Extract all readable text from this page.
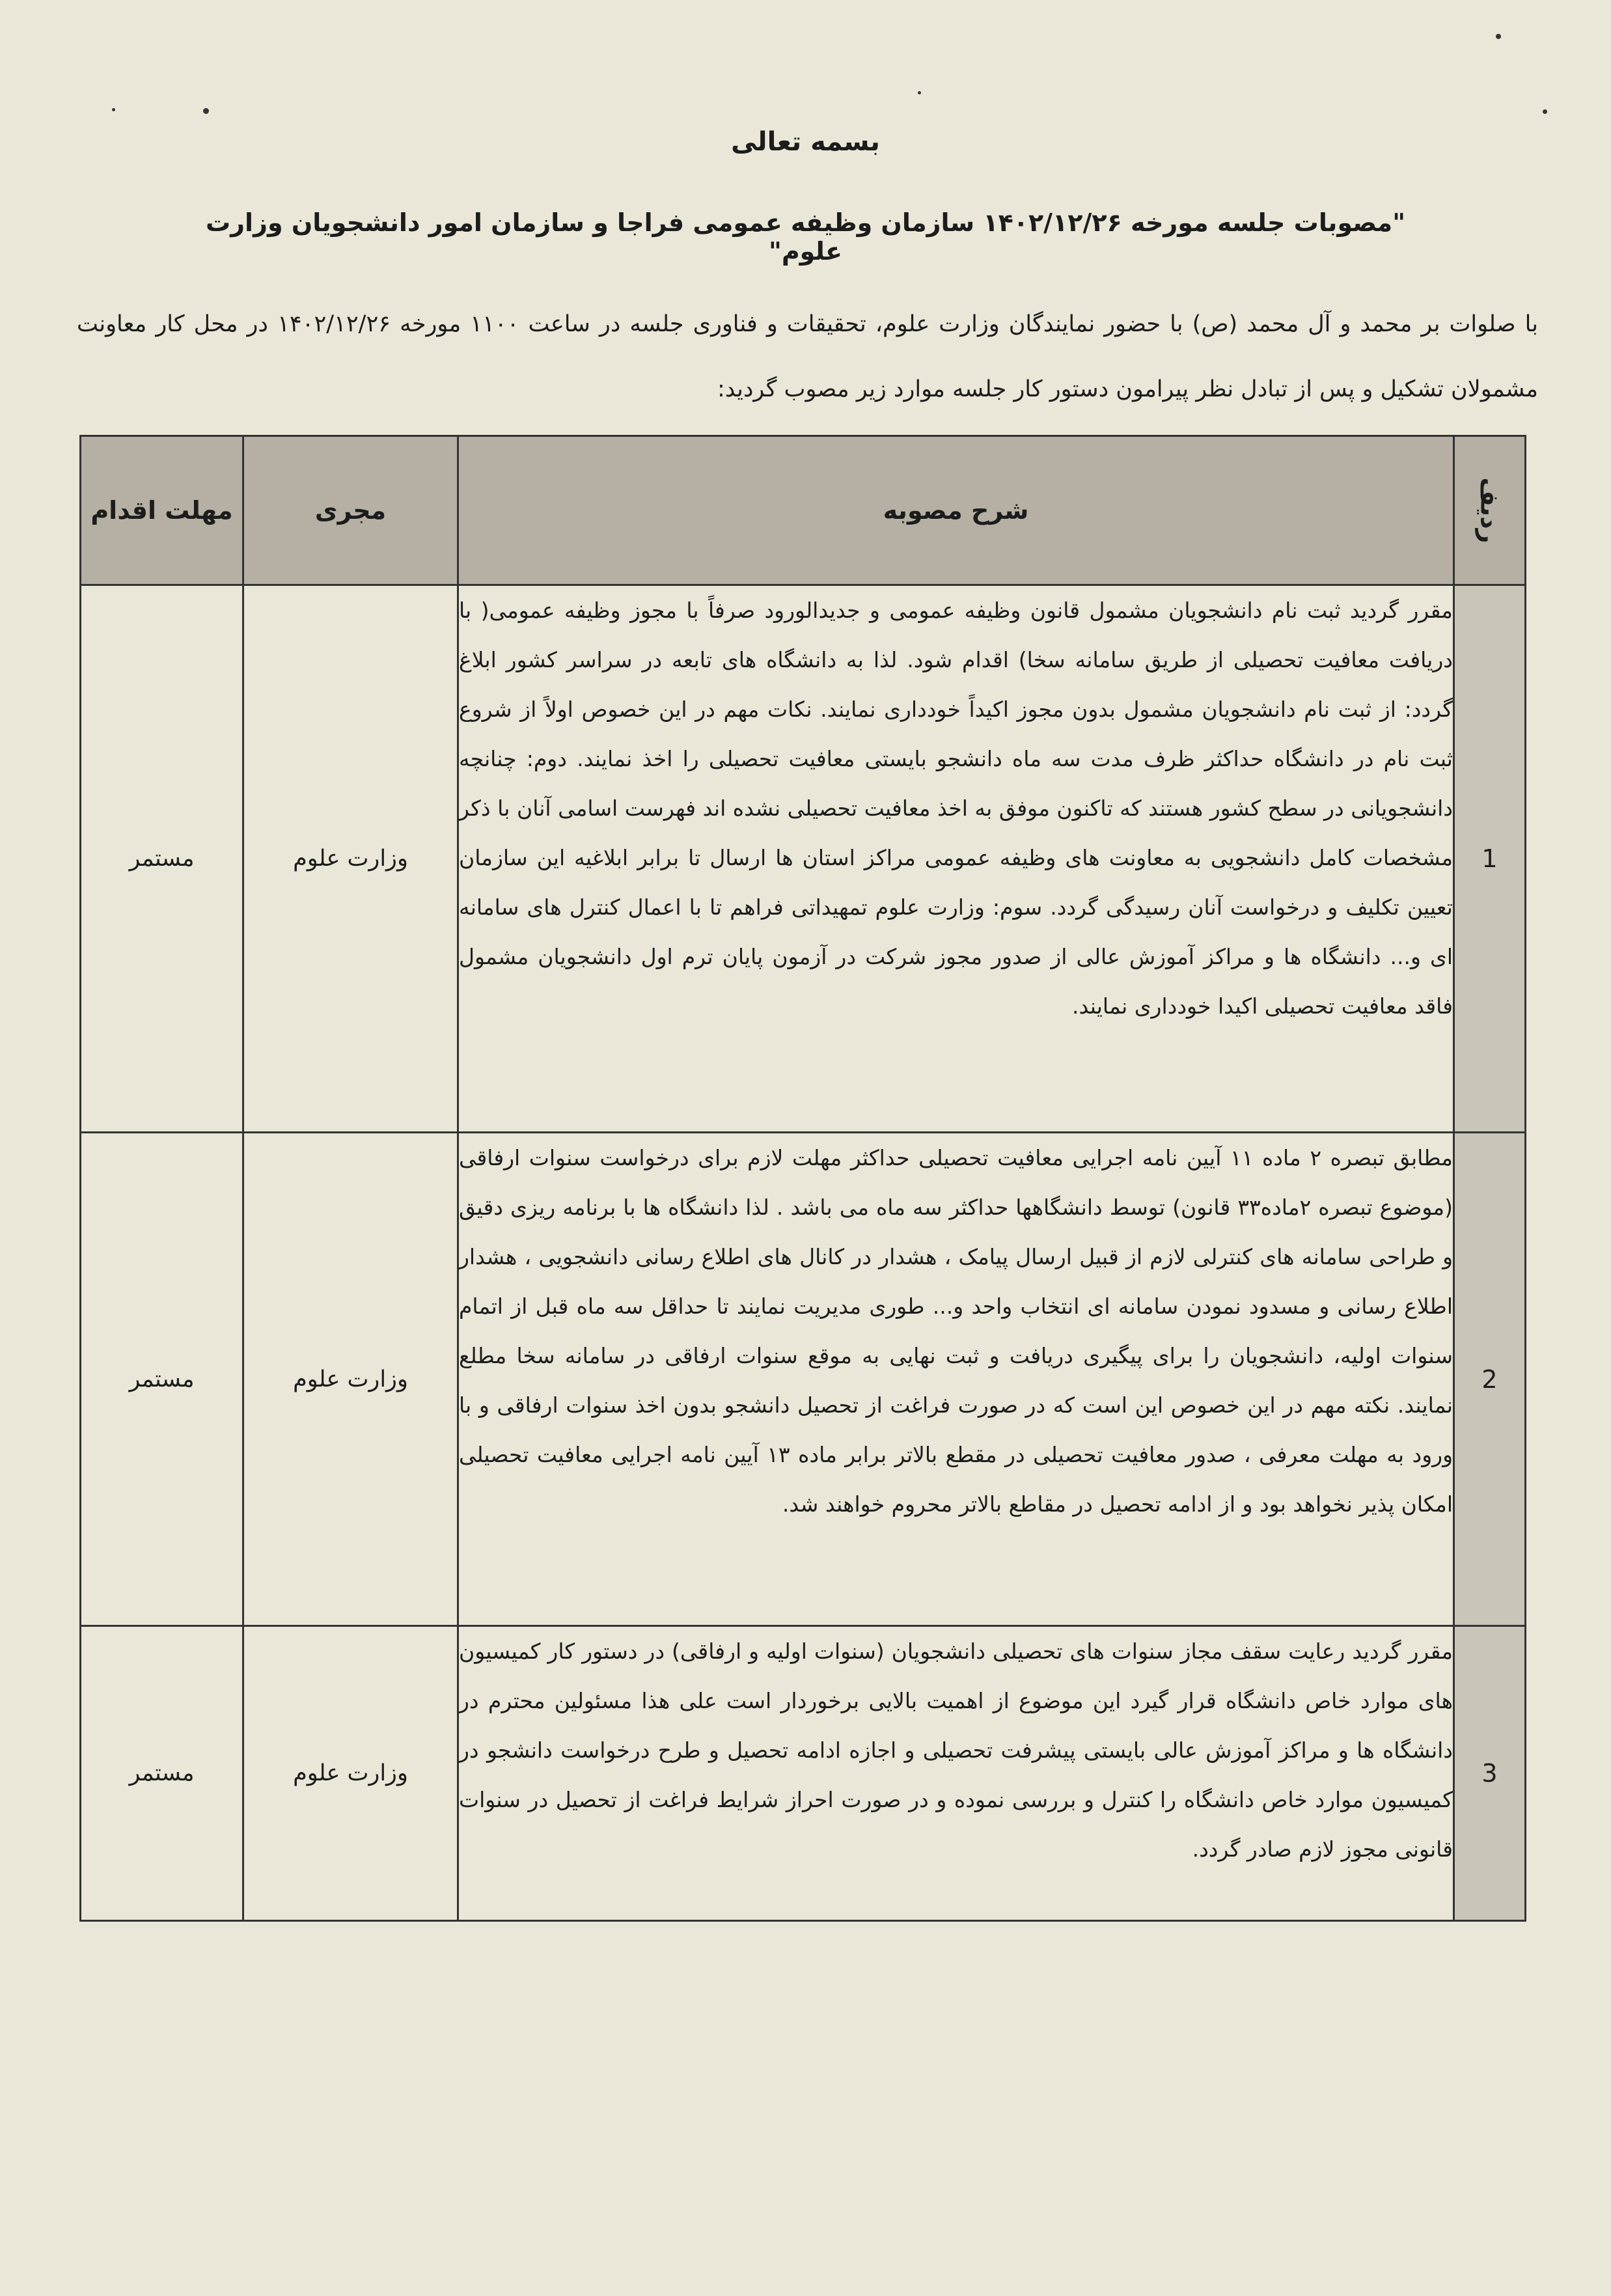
بسمه تعالی
"مصوبات جلسه مورخه ۱۴۰۲/۱۲/۲۶ سازمان وظیفه عمومی فراجا و سازمان امور دانشجویان وزارت علوم"
با صلوات بر محمد و آل محمد (ص) با حضور نمایندگان وزارت علوم، تحقیقات و فناوری جلسه در ساعت ۱۱۰۰ مورخه ۱۴۰۲/۱۲/۲۶ در محل کار معاونت مشمولان تشکیل و پس از تبادل نظر پیرامون دستور کار جلسه موارد زیر مصوب گردید:
ردیف	شرح مصوبه	مجری	مهلت اقدام
1	مقرر گردید ثبت نام دانشجویان مشمول قانون وظیفه عمومی و جدیدالورود صرفاً با مجوز وظیفه عمومی( با دریافت معافیت تحصیلی از طریق سامانه سخا) اقدام شود. لذا به دانشگاه های تابعه در سراسر کشور ابلاغ گردد: از ثبت نام دانشجویان مشمول بدون مجوز اکیداً خودداری نمایند. نکات مهم در این خصوص اولاً از شروع ثبت نام در دانشگاه حداکثر ظرف مدت سه ماه دانشجو بایستی معافیت تحصیلی را اخذ نمایند. دوم: چنانچه دانشجویانی در سطح کشور هستند که تاکنون موفق به اخذ معافیت تحصیلی نشده اند فهرست اسامی آنان با ذکر مشخصات کامل دانشجویی به معاونت های وظیفه عمومی مراکز استان ها ارسال تا برابر ابلاغیه این سازمان تعیین تکلیف و درخواست آنان رسیدگی گردد. سوم: وزارت علوم تمهیداتی فراهم تا با اعمال کنترل های سامانه ای و... دانشگاه ها و مراکز آموزش عالی از صدور مجوز شرکت در آزمون پایان ترم اول دانشجویان مشمول فاقد معافیت تحصیلی اکیدا خودداری نمایند.	وزارت علوم	مستمر
2	مطابق تبصره ۲ ماده ۱۱ آیین نامه اجرایی معافیت تحصیلی حداکثر مهلت لازم برای درخواست سنوات ارفاقی (موضوع تبصره ۲ماده۳۳ قانون) توسط دانشگاهها حداکثر سه ماه می باشد . لذا دانشگاه ها با برنامه ریزی دقیق و طراحی سامانه های کنترلی لازم از قبیل ارسال پیامک ، هشدار در کانال های اطلاع رسانی دانشجویی ، هشدار اطلاع رسانی و مسدود نمودن سامانه ای انتخاب واحد و... طوری مدیریت نمایند تا حداقل سه ماه قبل از اتمام سنوات اولیه، دانشجویان را برای پیگیری دریافت و ثبت نهایی به موقع سنوات ارفاقی در سامانه سخا مطلع نمایند. نکته مهم در این خصوص این است که در صورت فراغت از تحصیل دانشجو بدون اخذ سنوات ارفاقی و با ورود به مهلت معرفی ، صدور معافیت تحصیلی در مقطع بالاتر برابر ماده ۱۳ آیین نامه اجرایی معافیت تحصیلی امکان پذیر نخواهد بود و از ادامه تحصیل در مقاطع بالاتر محروم خواهند شد.	وزارت علوم	مستمر
3	مقرر گردید رعایت سقف مجاز سنوات های تحصیلی دانشجویان (سنوات اولیه و ارفاقی) در دستور کار کمیسیون های موارد خاص دانشگاه قرار گیرد این موضوع از اهمیت بالایی برخوردار است علی هذا مسئولین محترم در دانشگاه ها و مراکز آموزش عالی بایستی پیشرفت تحصیلی و اجازه ادامه تحصیل و طرح درخواست دانشجو در کمیسیون موارد خاص دانشگاه را کنترل و بررسی نموده و در صورت احراز شرایط فراغت از تحصیل در سنوات قانونی مجوز لازم صادر گردد.	وزارت علوم	مستمر
